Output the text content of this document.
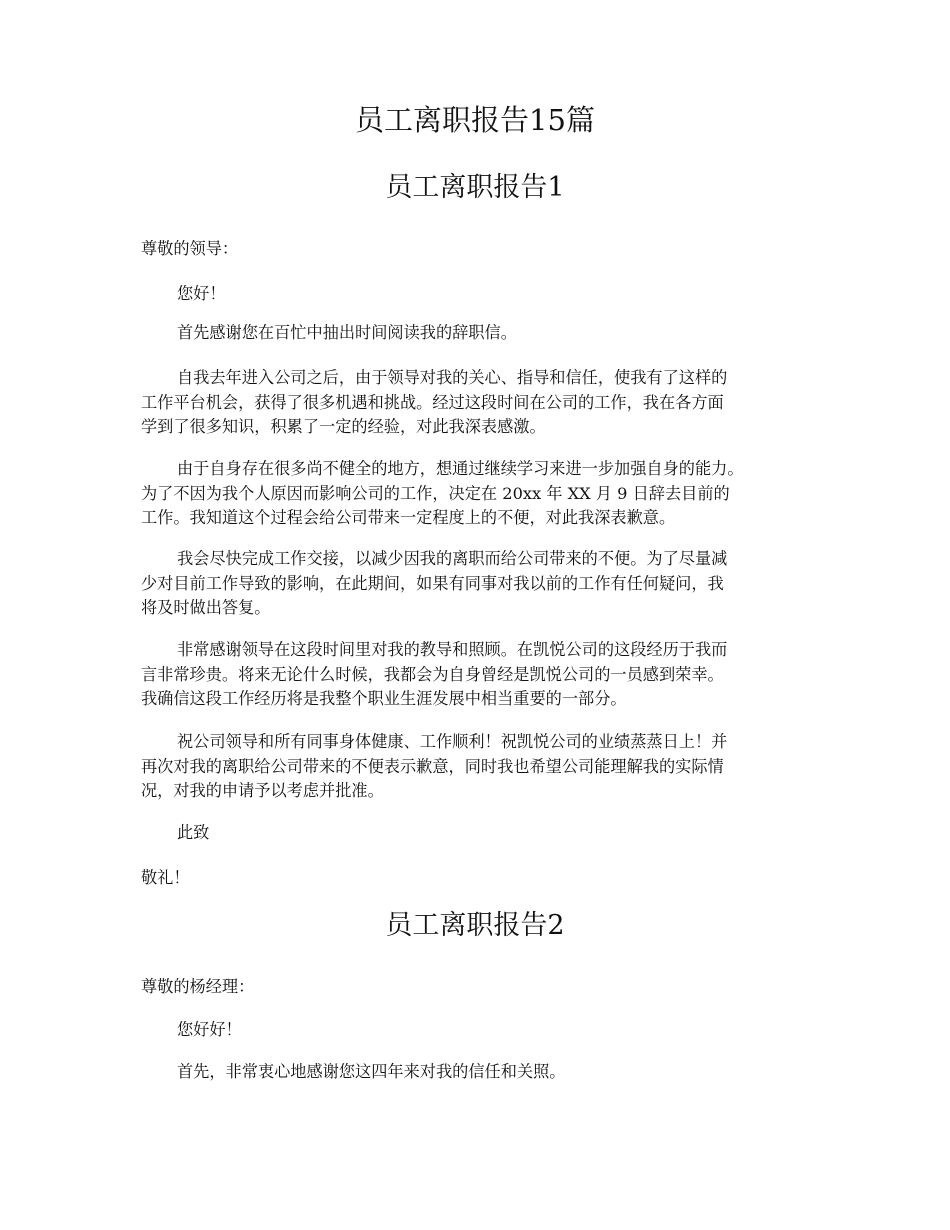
员工离职报告15篇
员工离职报告1

尊敬的领导：

您好！

首先感谢您在百忙中抽出时间阅读我的辞职信。

自我去年进入公司之后，由于领导对我的关心、指导和信任，使我有了这样的
工作平台机会，获得了很多机遇和挑战。经过这段时间在公司的工作，我在各方面
学到了很多知识，积累了一定的经验，对此我深表感激。

由于自身存在很多尚不健全的地方，想通过继续学习来进一步加强自身的能力。
为了不因为我个人原因而影响公司的工作，决定在 20xx 年 XX 月 9 日辞去目前的
工作。我知道这个过程会给公司带来一定程度上的不便，对此我深表歉意。

我会尽快完成工作交接，以减少因我的离职而给公司带来的不便。为了尽量减
少对目前工作导致的影响，在此期间，如果有同事对我以前的工作有任何疑问，我
将及时做出答复。

非常感谢领导在这段时间里对我的教导和照顾。在凯悦公司的这段经历于我而
言非常珍贵。将来无论什么时候，我都会为自身曾经是凯悦公司的一员感到荣幸。
我确信这段工作经历将是我整个职业生涯发展中相当重要的一部分。

祝公司领导和所有同事身体健康、工作顺利！祝凯悦公司的业绩蒸蒸日上！并
再次对我的离职给公司带来的不便表示歉意，同时我也希望公司能理解我的实际情
况，对我的申请予以考虑并批准。

此致

敬礼！

员工离职报告2

尊敬的杨经理：

您好好！

首先，非常衷心地感谢您这四年来对我的信任和关照。
